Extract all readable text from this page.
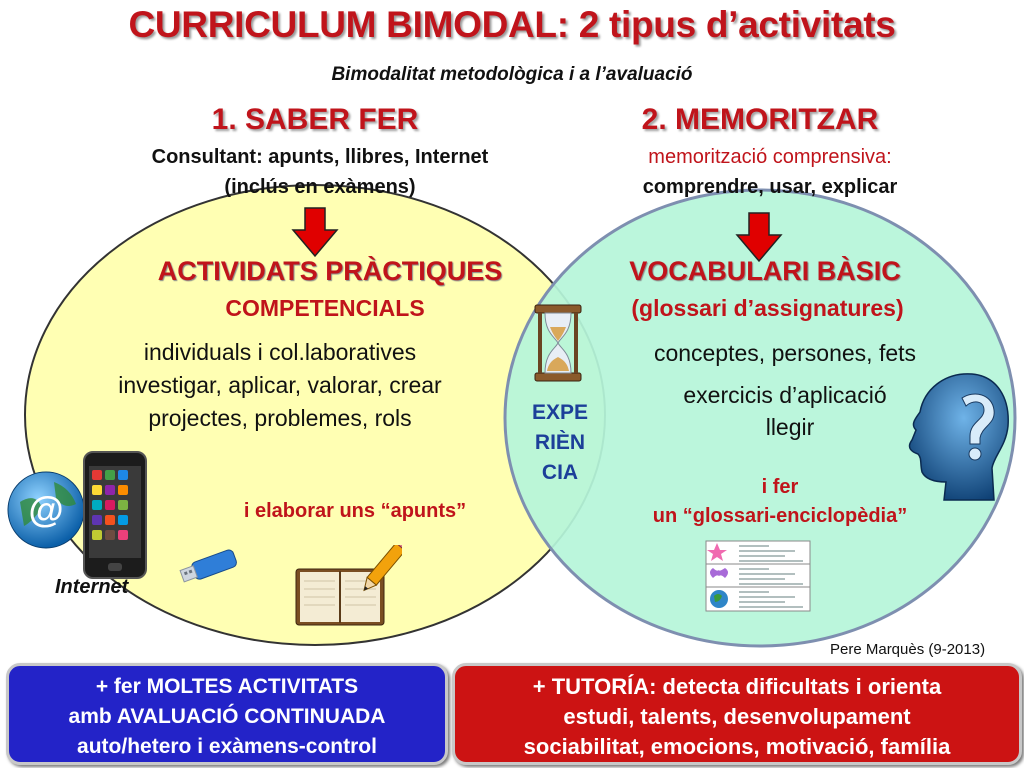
CURRICULUM BIMODAL: 2 tipus d’activitats
Bimodalitat metodològica i a l’avaluació
1. SABER FER
Consultant: apunts, llibres, Internet
(inclús en exàmens)
2. MEMORITZAR
memorització comprensiva:
comprendre, usar, explicar
ACTIVIDATS PRÀCTIQUES
COMPETENCIALS
individuals i col.laboratives
investigar, aplicar, valorar, crear
projectes, problemes, rols
i elaborar uns “apunts”
VOCABULARI BÀSIC
(glossari d’assignatures)
conceptes, persones, fets
exercicis d’aplicació
llegir
i fer
un “glossari-enciclopèdia”
EXPE
RIÈN
CIA
@
Internet
Pere Marquès (9-2013)
+ fer MOLTES ACTIVITATS
amb AVALUACIÓ CONTINUADA
auto/hetero i exàmens-control
+ TUTORÍA: detecta dificultats i orienta
estudi, talents, desenvolupament
sociabilitat, emocions, motivació, família
